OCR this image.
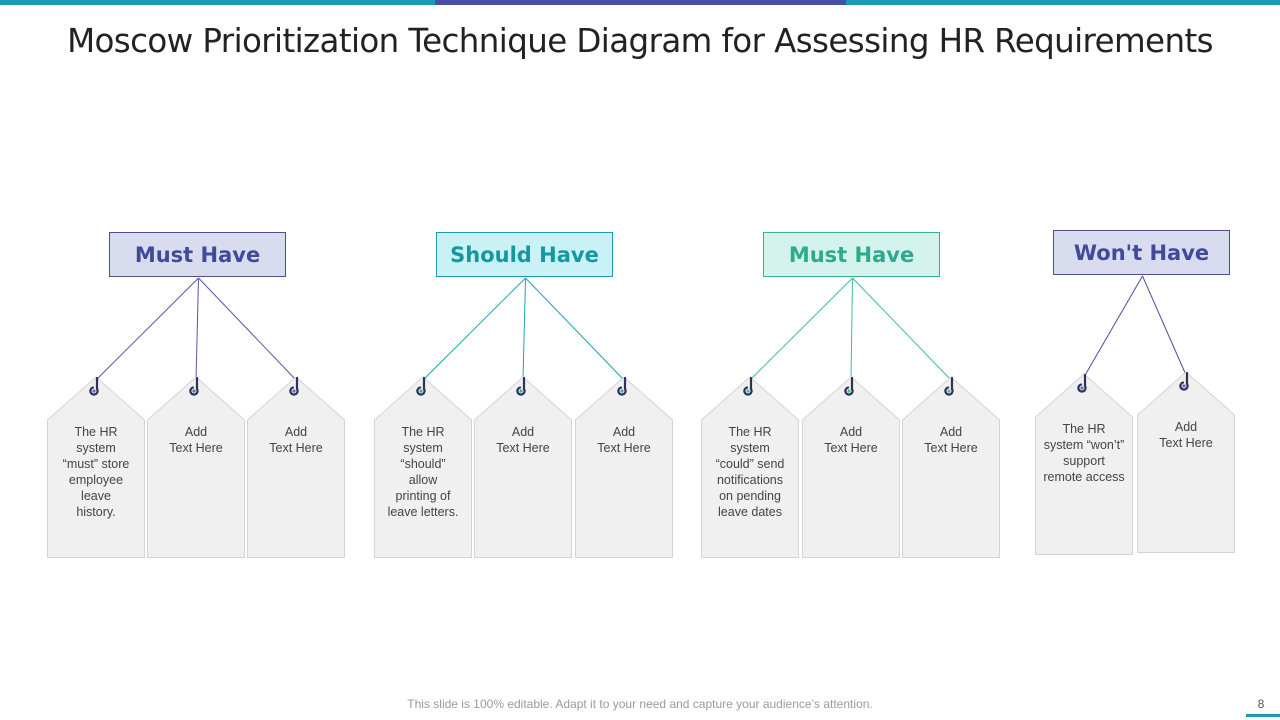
Moscow Prioritization Technique Diagram for Assessing HR Requirements
Must Have
The HR
system
“must” store
employee
leave
history.
Add
Text Here
Add
Text Here
Should Have
The HR
system
“should”
allow
printing of
leave letters.
Add
Text Here
Add
Text Here
Must Have
The HR
system
“could” send
notifications
on pending
leave dates
Add
Text Here
Add
Text Here
Won't Have
The HR
system “won’t”
support
remote access
Add
Text Here
This slide is 100% editable. Adapt it to your need and capture your audience’s attention.	8
